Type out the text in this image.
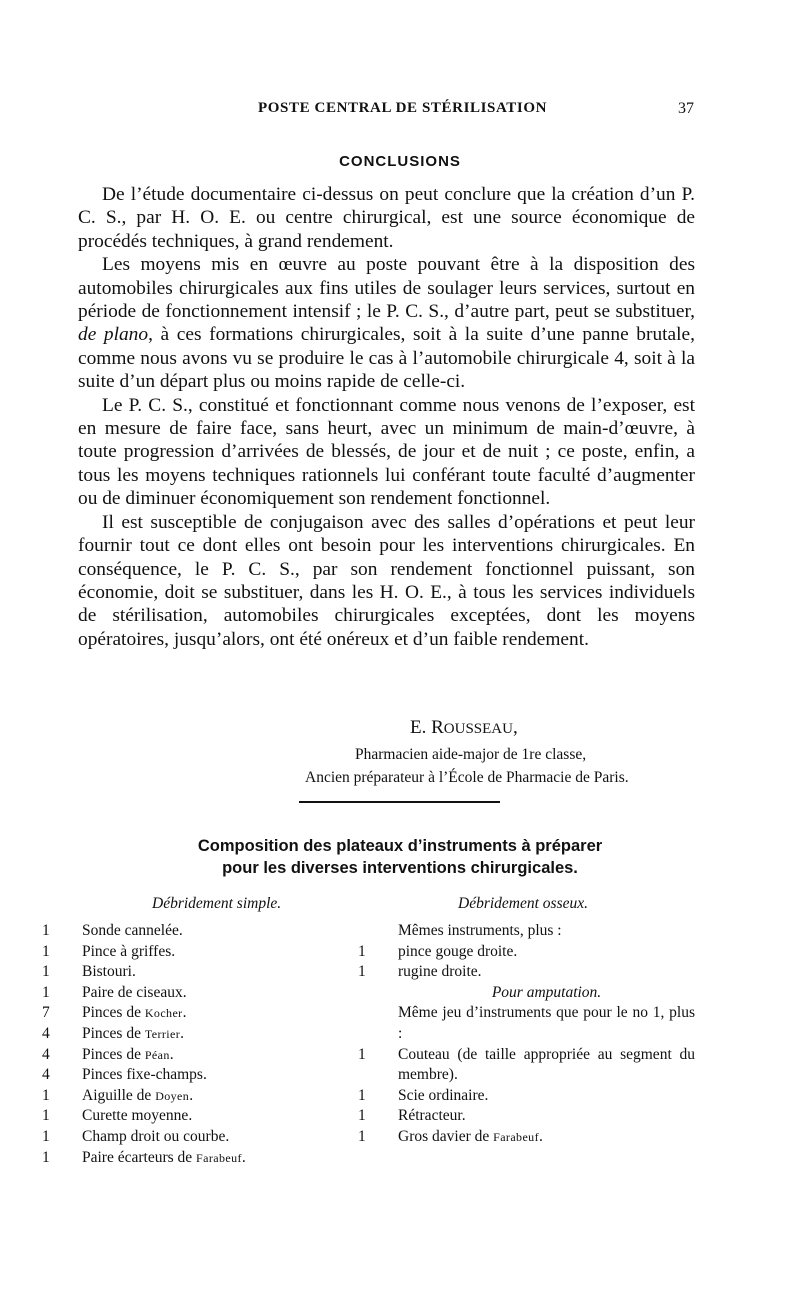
POSTE CENTRAL DE STÉRILISATION	37
CONCLUSIONS

De l’étude documentaire ci-dessus on peut conclure que la création d’un P. C. S., par H. O. E. ou centre chirurgical, est une source économique de procédés techniques, à grand rendement.

Les moyens mis en œuvre au poste pouvant être à la disposition des automobiles chirurgicales aux fins utiles de soulager leurs services, surtout en période de fonctionnement intensif ; le P. C. S., d’autre part, peut se substituer, de plano, à ces formations chirurgicales, soit à la suite d’une panne brutale, comme nous avons vu se produire le cas à l’automobile chirurgicale 4, soit à la suite d’un départ plus ou moins rapide de celle-ci.

Le P. C. S., constitué et fonctionnant comme nous venons de l’exposer, est en mesure de faire face, sans heurt, avec un minimum de main-d’œuvre, à toute progression d’arrivées de blessés, de jour et de nuit ; ce poste, enfin, a tous les moyens techniques rationnels lui conférant toute faculté d’augmenter ou de diminuer économiquement son rendement fonctionnel.

Il est susceptible de conjugaison avec des salles d’opérations et peut leur fournir tout ce dont elles ont besoin pour les interventions chirurgicales. En conséquence, le P. C. S., par son rendement fonctionnel puissant, son économie, doit se substituer, dans les H. O. E., à tous les services individuels de stérilisation, automobiles chirurgicales exceptées, dont les moyens opératoires, jusqu’alors, ont été onéreux et d’un faible rendement.

E. ROUSSEAU,
Pharmacien aide-major de 1re classe,
Ancien préparateur à l’École de Pharmacie de Paris.
Composition des plateaux d’instruments à préparer
pour les diverses interventions chirurgicales.
Débridement simple.	Débridement osseux.
1 Sonde cannelée.
1 Pince à griffes.
1 Bistouri.
1 Paire de ciseaux.
7 Pinces de Kocher.
4 Pinces de Terrier.
4 Pinces de Péan.
4 Pinces fixe-champs.
1 Aiguille de Doyen.
1 Curette moyenne.
1 Champ droit ou courbe.
1 Paire écarteurs de Farabeuf.
Mêmes instruments, plus :
1 pince gouge droite.
1 rugine droite.
Pour amputation.
Même jeu d’instruments que pour le no 1, plus :
1 Couteau (de taille appropriée au segment du membre).
1 Scie ordinaire.
1 Rétracteur.
1 Gros davier de Farabeuf.
